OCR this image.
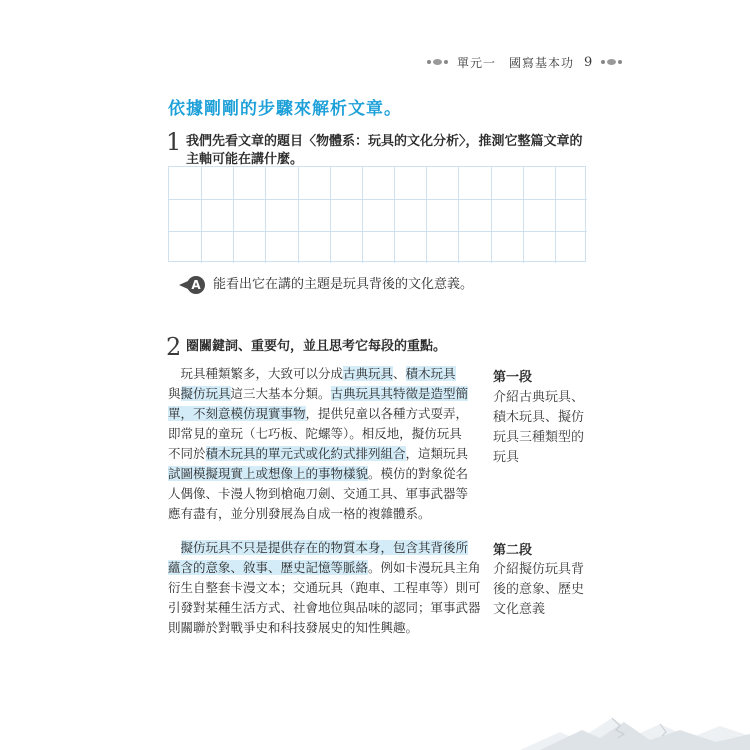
單元一　國寫基本功 9
依據剛剛的步驟來解析文章。
1 我們先看文章的題目〈物體系：玩具的文化分析〉，推測它整篇文章的
主軸可能在講什麼。
A 能看出它在講的主題是玩具背後的文化意義。
2 圈關鍵詞、重要句，並且思考它每段的重點。
　玩具種類繁多，大致可以分成古典玩具、積木玩具
與擬仿玩具這三大基本分類。古典玩具其特徵是造型簡
單，不刻意模仿現實事物，提供兒童以各種方式耍弄，
即常見的童玩（七巧板、陀螺等）。相反地，擬仿玩具
不同於積木玩具的單元式或化約式排列組合，這類玩具
試圖模擬現實上或想像上的事物樣貌。模仿的對象從名
人偶像、卡漫人物到槍砲刀劍、交通工具、軍事武器等
應有盡有，並分別發展為自成一格的複雜體系。
　擬仿玩具不只是提供存在的物質本身，包含其背後所
蘊含的意象、敘事、歷史記憶等脈絡。例如卡漫玩具主角
衍生自整套卡漫文本；交通玩具（跑車、工程車等）則可
引發對某種生活方式、社會地位與品味的認同；軍事武器
則關聯於對戰爭史和科技發展史的知性興趣。
第一段
介紹古典玩具、
積木玩具、擬仿
玩具三種類型的
玩具
第二段
介紹擬仿玩具背
後的意象、歷史
文化意義
